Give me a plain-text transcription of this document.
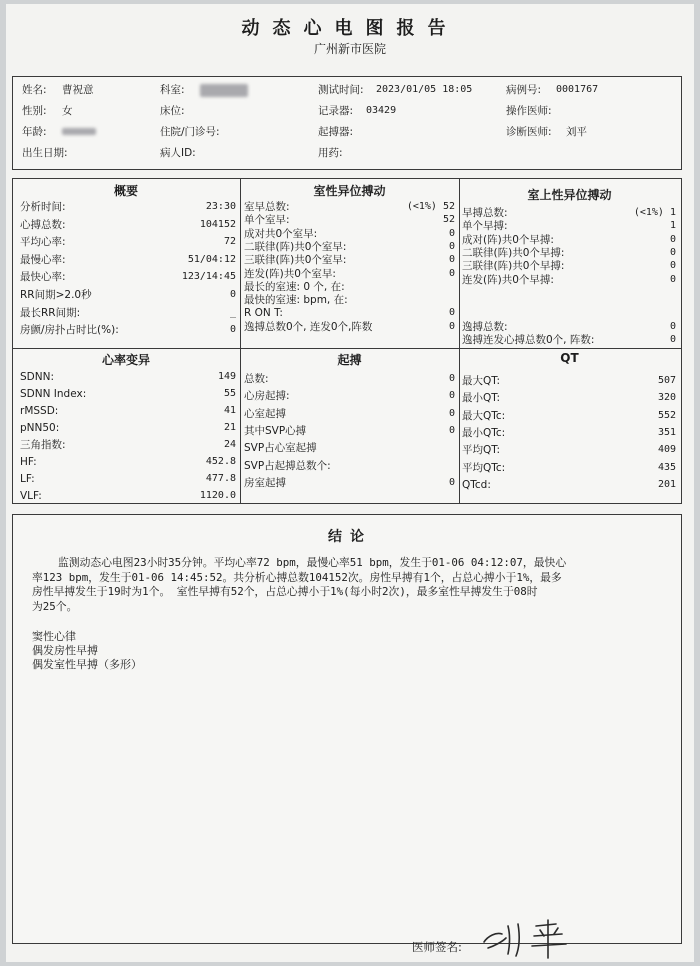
动态心电图报告
广州新市医院
姓名: 曹祝意	科室:	测试时间: 2023/01/05 18:05	病例号: 0001767
性别: 女	床位:	记录器: 03429	操作医师:
年龄:	住院/门诊号:	起搏器:	诊断医师: 刘平
出生日期:	病人ID:	用药:
概要
分析时间:	23:30
心搏总数:	104152
平均心率:	72
最慢心率:	51/04:12
最快心率:	123/14:45
RR间期>2.0秒	0
最长RR间期:	_
房颤/房扑占时比(%):	0
室性异位搏动
室早总数:	(<1%) 52
单个室早:	52
成对共0个室早:	0
二联律(阵)共0个室早:	0
三联律(阵)共0个室早:	0
连发(阵)共0个室早:	0
最长的室速: 0 个, 在:
最快的室速: bpm, 在:
R ON T:	0
逸搏总数0个, 连发0个,阵数	0
室上性异位搏动
早搏总数:	(<1%) 1
单个早搏:	1
成对(阵)共0个早搏:	0
二联律(阵)共0个早搏:	0
三联律(阵)共0个早搏:	0
连发(阵)共0个早搏:	0
逸搏总数:	0
逸搏连发心搏总数0个, 阵数:	0
心率变异
SDNN:	149
SDNN Index:	55
rMSSD:	41
pNN50:	21
三角指数:	24
HF:	452.8
LF:	477.8
VLF:	1120.0
起搏
总数:	0
心房起搏:	0
心室起搏	0
其中SVP心搏	0
SVP占心室起搏
SVP占起搏总数个:
房室起搏	0
QT
最大QT:	507
最小QT:	320
最大QTc:	552
最小QTc:	351
平均QT:	409
平均QTc:	435
QTcd:	201
结论
监测动态心电图23小时35分钟。平均心率72 bpm，最慢心率51 bpm，发生于01-06 04:12:07，最快心
率123 bpm，发生于01-06 14:45:52。共分析心搏总数104152次。房性早搏有1个，占总心搏小于1%，最多
房性早搏发生于19时为1个。 室性早搏有52个，占总心搏小于1%(每小时2次)，最多室性早搏发生于08时
为25个。
窦性心律
偶发房性早搏
偶发室性早搏（多形）
医师签名:
